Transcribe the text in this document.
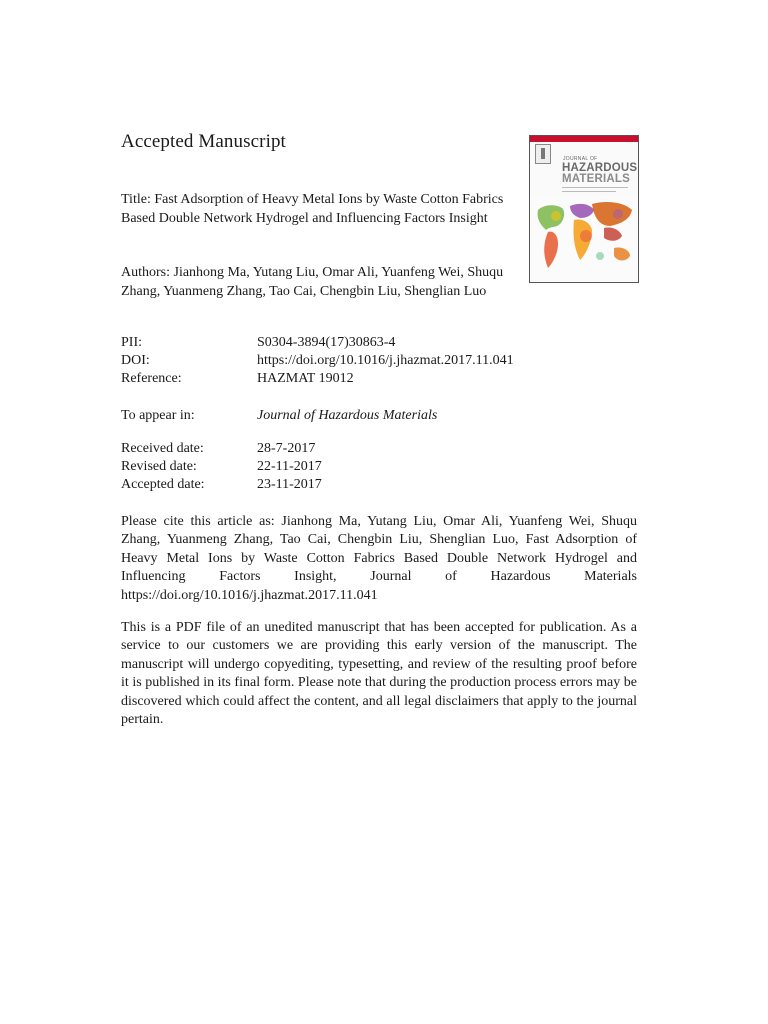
Accepted Manuscript
Title: Fast Adsorption of Heavy Metal Ions by Waste Cotton Fabrics Based Double Network Hydrogel and Influencing Factors Insight
Authors: Jianhong Ma, Yutang Liu, Omar Ali, Yuanfeng Wei, Shuqu Zhang, Yuanmeng Zhang, Tao Cai, Chengbin Liu, Shenglian Luo
PII:	S0304-3894(17)30863-4
DOI:	https://doi.org/10.1016/j.jhazmat.2017.11.041
Reference:	HAZMAT 19012
To appear in:	Journal of Hazardous Materials
Received date:	28-7-2017
Revised date:	22-11-2017
Accepted date:	23-11-2017
Please cite this article as: Jianhong Ma, Yutang Liu, Omar Ali, Yuanfeng Wei, Shuqu Zhang, Yuanmeng Zhang, Tao Cai, Chengbin Liu, Shenglian Luo, Fast Adsorption of Heavy Metal Ions by Waste Cotton Fabrics Based Double Network Hydrogel and Influencing Factors Insight, Journal of Hazardous Materials https://doi.org/10.1016/j.jhazmat.2017.11.041
This is a PDF file of an unedited manuscript that has been accepted for publication. As a service to our customers we are providing this early version of the manuscript. The manuscript will undergo copyediting, typesetting, and review of the resulting proof before it is published in its final form. Please note that during the production process errors may be discovered which could affect the content, and all legal disclaimers that apply to the journal pertain.
JOURNAL OF
HAZARDOUS
MATERIALS
